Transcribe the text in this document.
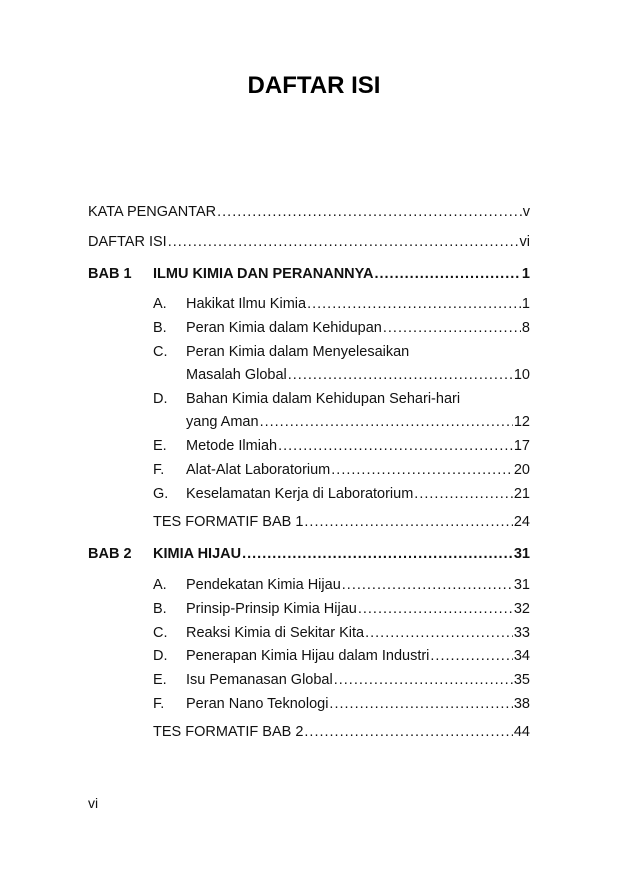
DAFTAR ISI
KATA PENGANTAR .....	v
DAFTAR ISI .....	vi
BAB 1	ILMU KIMIA DAN PERANANNYA .....	1
A.	Hakikat Ilmu Kimia .....	1
B.	Peran Kimia dalam Kehidupan .....	8
C.	Peran Kimia dalam Menyelesaikan
Masalah Global .....	10
D.	Bahan Kimia dalam Kehidupan Sehari-hari
yang Aman .....	12
E.	Metode Ilmiah .....	17
F.	Alat-Alat Laboratorium .....	20
G.	Keselamatan Kerja di Laboratorium .....	21
TES FORMATIF BAB 1 .....	24
BAB 2	KIMIA HIJAU .....	31
A.	Pendekatan Kimia Hijau .....	31
B.	Prinsip-Prinsip Kimia Hijau .....	32
C.	Reaksi Kimia di Sekitar Kita .....	33
D.	Penerapan Kimia Hijau dalam Industri .....	34
E.	Isu Pemanasan Global .....	35
F.	Peran Nano Teknologi .....	38
TES FORMATIF BAB 2 .....	44
vi
